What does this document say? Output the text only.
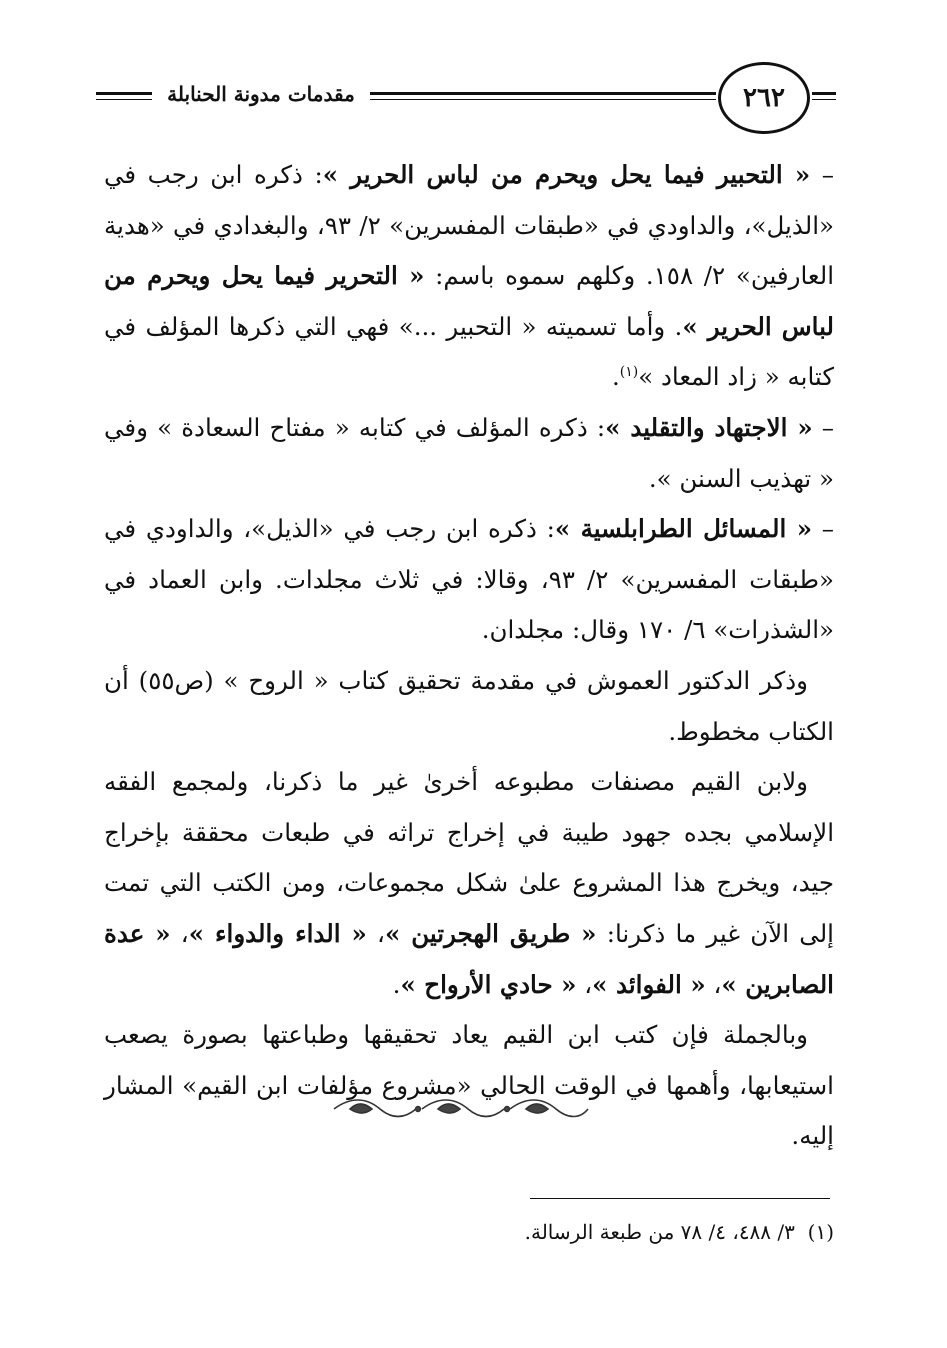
مقدمات مدونة الحنابلة	٢٦٢

– « التحبير فيما يحل ويحرم من لباس الحرير »: ذكره ابن رجب في «الذيل»، والداودي في «طبقات المفسرين» ٢/ ٩٣، والبغدادي في «هدية العارفين» ٢/ ١٥٨. وكلهم سموه باسم: « التحرير فيما يحل ويحرم من لباس الحرير ». وأما تسميته « التحبير ...» فهي التي ذكرها المؤلف في كتابه « زاد المعاد »$^{(١)}$.

– « الاجتهاد والتقليد »: ذكره المؤلف في كتابه « مفتاح السعادة » وفي « تهذيب السنن ».

– « المسائل الطرابلسية »: ذكره ابن رجب في «الذيل»، والداودي في «طبقات المفسرين» ٢/ ٩٣، وقالا: في ثلاث مجلدات. وابن العماد في «الشذرات» ٦/ ١٧٠ وقال: مجلدان.

وذكر الدكتور العموش في مقدمة تحقيق كتاب « الروح » (ص٥٥) أن الكتاب مخطوط.

ولابن القيم مصنفات مطبوعه أخرىٰ غير ما ذكرنا، ولمجمع الفقه الإسلامي بجده جهود طيبة في إخراج تراثه في طبعات محققة بإخراج جيد، ويخرج هذا المشروع علىٰ شكل مجموعات، ومن الكتب التي تمت إلى الآن غير ما ذكرنا: « طريق الهجرتين »، « الداء والدواء »، « عدة الصابرين »، « الفوائد »، « حادي الأرواح ».

وبالجملة فإن كتب ابن القيم يعاد تحقيقها وطباعتها بصورة يصعب استيعابها، وأهمها في الوقت الحالي «مشروع مؤلفات ابن القيم» المشار إليه.

(١)  ٣/ ٤٨٨، ٤/ ٧٨ من طبعة الرسالة.
